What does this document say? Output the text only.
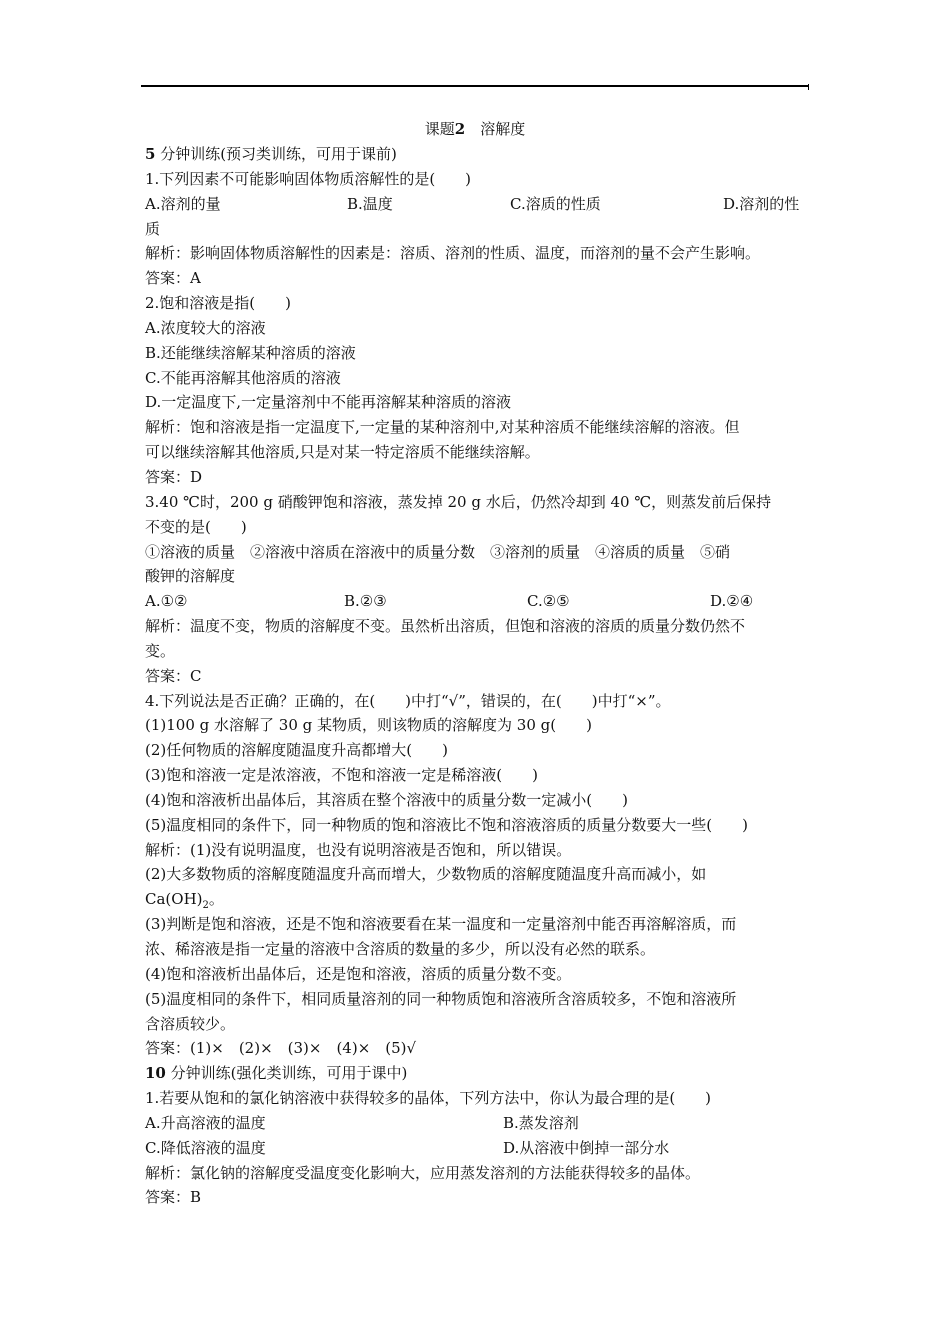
课题2　 溶解度
5 分钟训练(预习类训练，可用于课前)
1.下列因素不可能影响固体物质溶解性的是(　　)
A.溶剂的量	B.温度	C.溶质的性质	D.溶剂的性
质
解析：影响固体物质溶解性的因素是：溶质、溶剂的性质、温度，而溶剂的量不会产生影响。
答案：A
2.饱和溶液是指(　　)
A.浓度较大的溶液
B.还能继续溶解某种溶质的溶液
C.不能再溶解其他溶质的溶液
D.一定温度下,一定量溶剂中不能再溶解某种溶质的溶液
解析：饱和溶液是指一定温度下,一定量的某种溶剂中,对某种溶质不能继续溶解的溶液。但
可以继续溶解其他溶质,只是对某一特定溶质不能继续溶解。
答案：D
3.40 ℃时，200 g 硝酸钾饱和溶液，蒸发掉 20 g 水后，仍然冷却到 40 ℃，则蒸发前后保持
不变的是(　　)
①溶液的质量　②溶液中溶质在溶液中的质量分数　③溶剂的质量　④溶质的质量　⑤硝
酸钾的溶解度
A.①②	B.②③	C.②⑤	D.②④
解析：温度不变，物质的溶解度不变。虽然析出溶质，但饱和溶液的溶质的质量分数仍然不
变。
答案：C
4.下列说法是否正确？正确的，在(　　)中打“√”，错误的，在(　　)中打“×”。
(1)100 g 水溶解了 30 g 某物质，则该物质的溶解度为 30 g(　　)
(2)任何物质的溶解度随温度升高都增大(　　)
(3)饱和溶液一定是浓溶液，不饱和溶液一定是稀溶液(　　)
(4)饱和溶液析出晶体后，其溶质在整个溶液中的质量分数一定减小(　　)
(5)温度相同的条件下，同一种物质的饱和溶液比不饱和溶液溶质的质量分数要大一些(　　)
解析：(1)没有说明温度，也没有说明溶液是否饱和，所以错误。
(2)大多数物质的溶解度随温度升高而增大，少数物质的溶解度随温度升高而减小，如
$Ca(OH)_2$。
(3)判断是饱和溶液，还是不饱和溶液要看在某一温度和一定量溶剂中能否再溶解溶质，而
浓、稀溶液是指一定量的溶液中含溶质的数量的多少，所以没有必然的联系。
(4)饱和溶液析出晶体后，还是饱和溶液，溶质的质量分数不变。
(5)温度相同的条件下，相同质量溶剂的同一种物质饱和溶液所含溶质较多，不饱和溶液所
含溶质较少。
答案：(1)×　(2)×　(3)×　(4)×　(5)√
10 分钟训练(强化类训练，可用于课中)
1.若要从饱和的氯化钠溶液中获得较多的晶体，下列方法中，你认为最合理的是(　　)
A.升高溶液的温度	B.蒸发溶剂
C.降低溶液的温度	D.从溶液中倒掉一部分水
解析：氯化钠的溶解度受温度变化影响大，应用蒸发溶剂的方法能获得较多的晶体。
答案：B
